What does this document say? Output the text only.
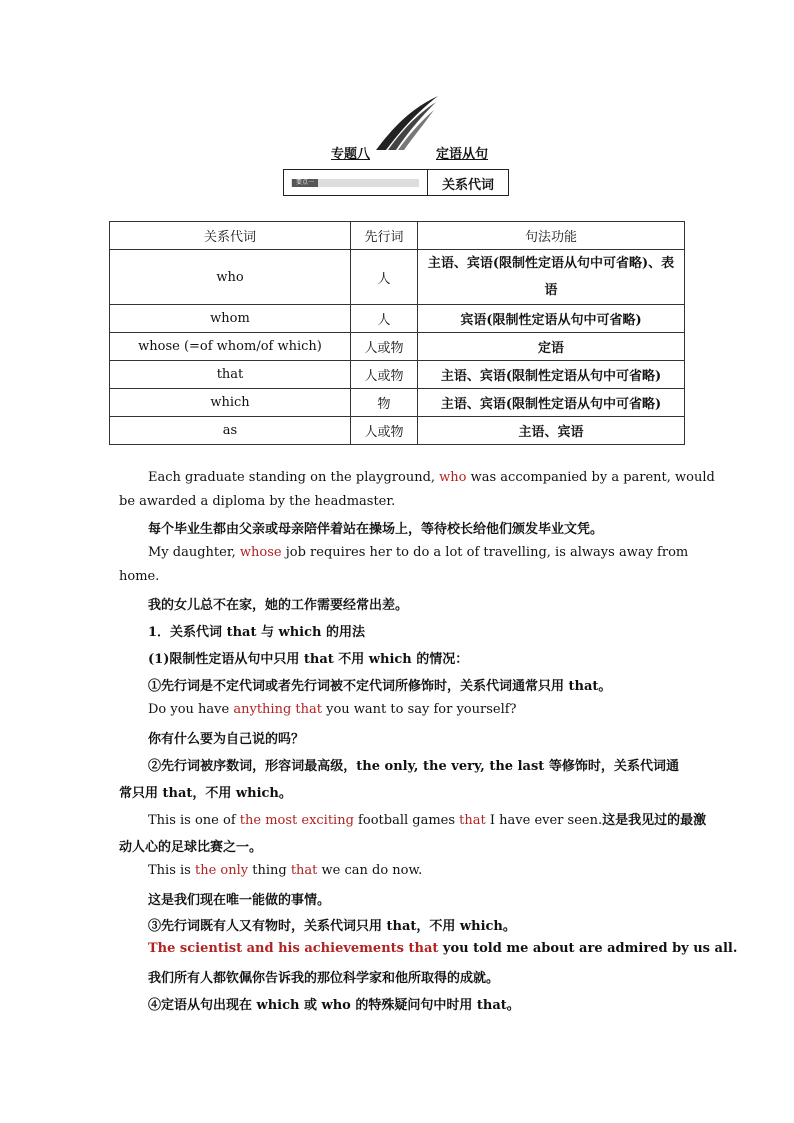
专题八	定语从句
要点一	关系代词
关系代词	先行词	句法功能
who	人	主语、宾语(限制性定语从句中可省略)、表语
whom	人	宾语(限制性定语从句中可省略)
whose (=of whom/of which)	人或物	定语
that	人或物	主语、宾语(限制性定语从句中可省略)
which	物	主语、宾语(限制性定语从句中可省略)
as	人或物	主语、宾语
Each graduate standing on the playground, who was accompanied by a parent, would
be awarded a diploma by the headmaster.
每个毕业生都由父亲或母亲陪伴着站在操场上，等待校长给他们颁发毕业文凭。
My daughter, whose job requires her to do a lot of travelling, is always away from
home.
我的女儿总不在家，她的工作需要经常出差。
1．关系代词 that 与 which 的用法
(1)限制性定语从句中只用 that 不用 which 的情况：
①先行词是不定代词或者先行词被不定代词所修饰时，关系代词通常只用 that。
Do you have anything that you want to say for yourself?
你有什么要为自己说的吗？
②先行词被序数词，形容词最高级，the only, the very, the last 等修饰时，关系代词通
常只用 that，不用 which。
This is one of the most exciting football games that I have ever seen.这是我见过的最激
动人心的足球比赛之一。
This is the only thing that we can do now.
这是我们现在唯一能做的事情。
③先行词既有人又有物时，关系代词只用 that，不用 which。
The scientist and his achievements that you told me about are admired by us all.
我们所有人都钦佩你告诉我的那位科学家和他所取得的成就。
④定语从句出现在 which 或 who 的特殊疑问句中时用 that。
